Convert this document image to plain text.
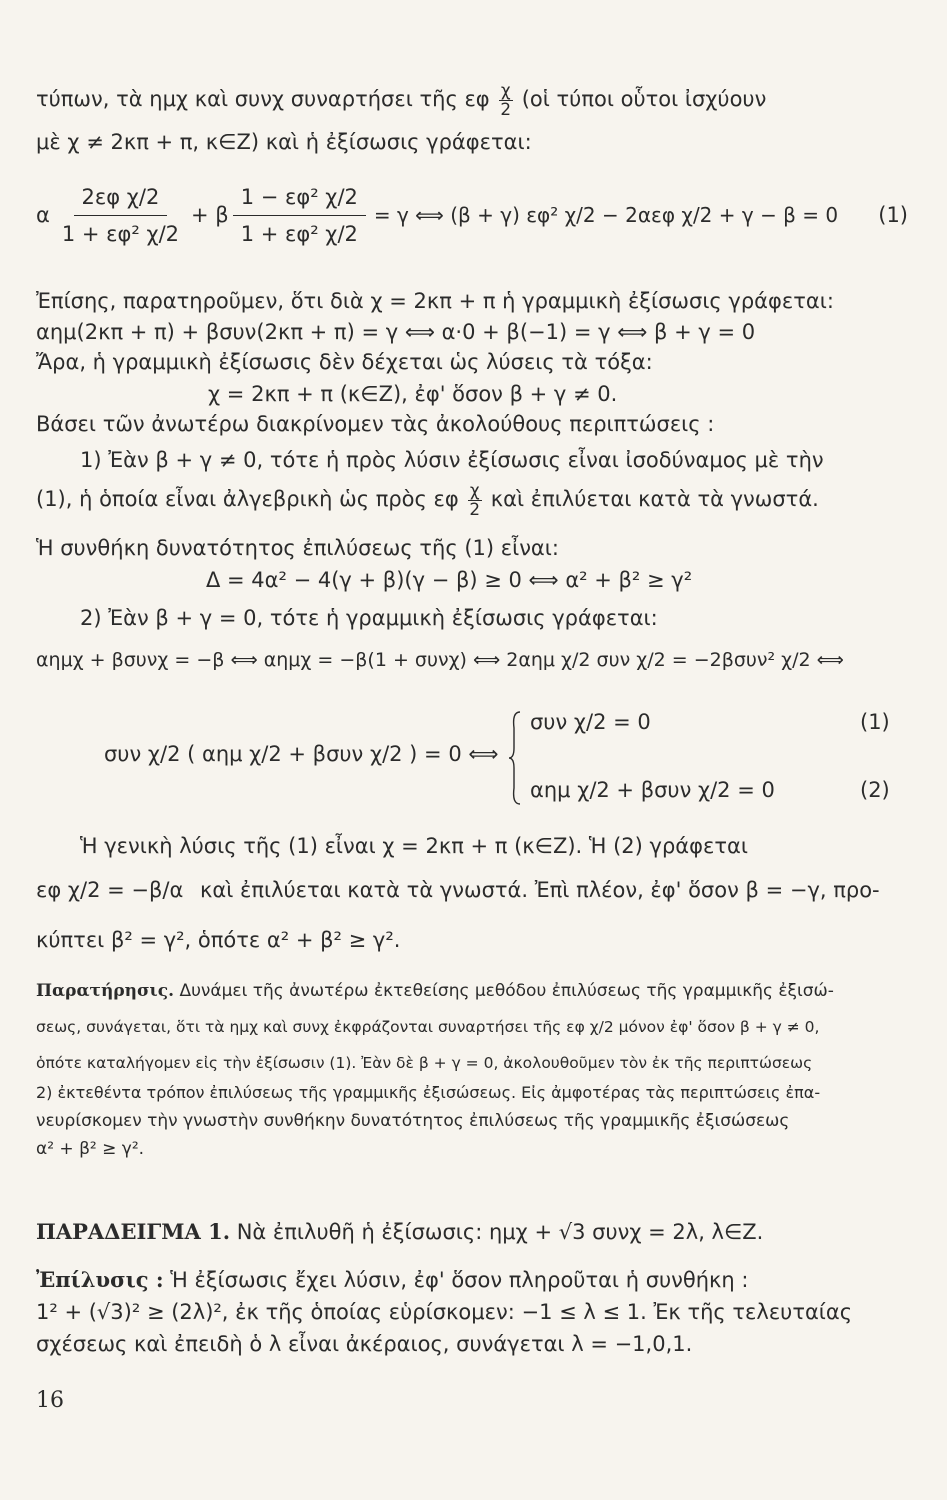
τύπων, τὰ ημχ καὶ συνχ συναρτήσει τῆς εφ $\frac{\chi}{2}$ (οἱ τύποι οὗτοι ἰσχύουν
μὲ χ ≠ 2κπ + π, κ∈Ζ) καὶ ἡ ἐξίσωσις γράφεται:
α $\frac{\text{2εφ χ/2}}{\text{1 + εφ² χ/2}} + \beta \frac{\text{1 − εφ² χ/2}}{\text{1 + εφ² χ/2}} = \gamma$ ⟺ (β + γ) εφ² χ/2 − 2αεφ χ/2 + γ − β = 0 (1)
Ἐπίσης, παρατηροῦμεν, ὅτι διὰ χ = 2κπ + π ἡ γραμμικὴ ἐξίσωσις γράφεται:
αημ(2κπ + π) + βσυν(2κπ + π) = γ ⟺ α·0 + β(−1) = γ ⟺ β + γ = 0
Ἄρα, ἡ γραμμικὴ ἐξίσωσις δὲν δέχεται ὡς λύσεις τὰ τόξα:
χ = 2κπ + π (κ∈Ζ), ἐφ' ὅσον β + γ ≠ 0.
Βάσει τῶν ἀνωτέρω διακρίνομεν τὰς ἀκολούθους περιπτώσεις :
1) Ἐὰν β + γ ≠ 0, τότε ἡ πρὸς λύσιν ἐξίσωσις εἶναι ἰσοδύναμος μὲ τὴν
(1), ἡ ὁποία εἶναι ἀλγεβρικὴ ὡς πρὸς εφ $\frac{\chi}{2}$ καὶ ἐπιλύεται κατὰ τὰ γνωστά.
Ἡ συνθήκη δυνατότητος ἐπιλύσεως τῆς (1) εἶναι:
Δ = 4α² − 4(γ + β)(γ − β) ≥ 0 ⟺ α² + β² ≥ γ²
2) Ἐὰν β + γ = 0, τότε ἡ γραμμικὴ ἐξίσωσις γράφεται:
αημχ + βσυνχ = −β ⟺ αημχ = −β(1 + συνχ) ⟺ 2αημ χ/2 συν χ/2 = −2βσυν² χ/2 ⟺
συν χ/2 ( αημ χ/2 + βσυν χ/2 ) = 0 ⟺
συν χ/2 = 0	(1)
αημ χ/2 + βσυν χ/2 = 0	(2)
Ἡ γενικὴ λύσις τῆς (1) εἶναι χ = 2κπ + π (κ∈Ζ). Ἡ (2) γράφεται
εφ χ/2 = −β/α καὶ ἐπιλύεται κατὰ τὰ γνωστά. Ἐπὶ πλέον, ἐφ' ὅσον β = −γ, προ-
κύπτει β² = γ², ὁπότε α² + β² ≥ γ².
Παρατήρησις. Δυνάμει τῆς ἀνωτέρω ἐκτεθείσης μεθόδου ἐπιλύσεως τῆς γραμμικῆς ἐξισώ-
σεως, συνάγεται, ὅτι τὰ ημχ καὶ συνχ ἐκφράζονται συναρτήσει τῆς εφ χ/2 μόνον ἐφ' ὅσον β + γ ≠ 0,
ὁπότε καταλήγομεν εἰς τὴν ἐξίσωσιν (1). Ἐὰν δὲ β + γ = 0, ἀκολουθοῦμεν τὸν ἐκ τῆς περιπτώσεως
2) ἐκτεθέντα τρόπον ἐπιλύσεως τῆς γραμμικῆς ἐξισώσεως. Εἰς ἀμφοτέρας τὰς περιπτώσεις ἐπα-
νευρίσκομεν τὴν γνωστὴν συνθήκην δυνατότητος ἐπιλύσεως τῆς γραμμικῆς ἐξισώσεως
α² + β² ≥ γ².
ΠΑΡΑΔΕΙΓΜΑ 1. Νὰ ἐπιλυθῆ ἡ ἐξίσωσις: ημχ + √3 συνχ = 2λ, λ∈Ζ.
Ἐπίλυσις : Ἡ ἐξίσωσις ἔχει λύσιν, ἐφ' ὅσον πληροῦται ἡ συνθήκη :
1² + (√3)² ≥ (2λ)², ἐκ τῆς ὁποίας εὑρίσκομεν: −1 ≤ λ ≤ 1. Ἐκ τῆς τελευταίας
σχέσεως καὶ ἐπειδὴ ὁ λ εἶναι ἀκέραιος, συνάγεται λ = −1,0,1.
16
